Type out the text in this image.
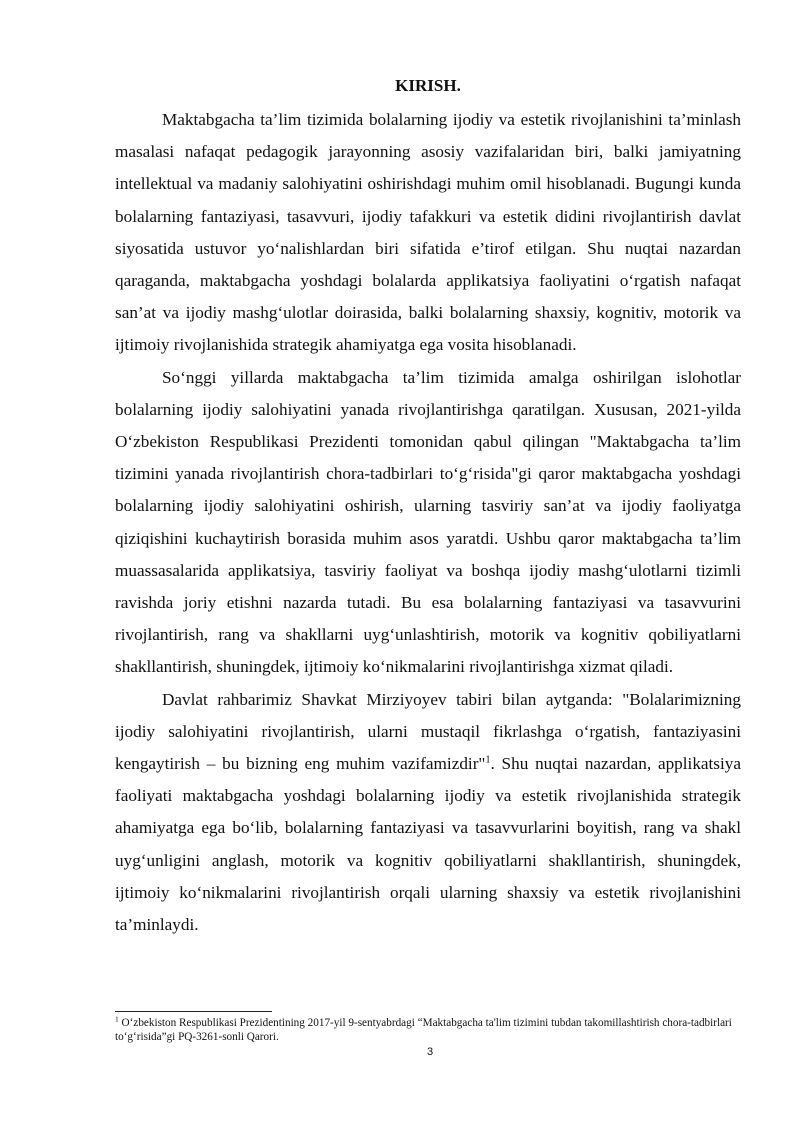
KIRISH.

Maktabgacha ta’lim tizimida bolalarning ijodiy va estetik rivojlanishini ta’minlash masalasi nafaqat pedagogik jarayonning asosiy vazifalaridan biri, balki jamiyatning intellektual va madaniy salohiyatini oshirishdagi muhim omil hisoblanadi. Bugungi kunda bolalarning fantaziyasi, tasavvuri, ijodiy tafakkuri va estetik didini rivojlantirish davlat siyosatida ustuvor yo‘nalishlardan biri sifatida e’tirof etilgan. Shu nuqtai nazardan qaraganda, maktabgacha yoshdagi bolalarda applikatsiya faoliyatini o‘rgatish nafaqat san’at va ijodiy mashg‘ulotlar doirasida, balki bolalarning shaxsiy, kognitiv, motorik va ijtimoiy rivojlanishida strategik ahamiyatga ega vosita hisoblanadi.

So‘nggi yillarda maktabgacha ta’lim tizimida amalga oshirilgan islohotlar bolalarning ijodiy salohiyatini yanada rivojlantirishga qaratilgan. Xususan, 2021-yilda O‘zbekiston Respublikasi Prezidenti tomonidan qabul qilingan "Maktabgacha ta’lim tizimini yanada rivojlantirish chora-tadbirlari to‘g‘risida"gi qaror maktabgacha yoshdagi bolalarning ijodiy salohiyatini oshirish, ularning tasviriy san’at va ijodiy faoliyatga qiziqishini kuchaytirish borasida muhim asos yaratdi. Ushbu qaror maktabgacha ta’lim muassasalarida applikatsiya, tasviriy faoliyat va boshqa ijodiy mashg‘ulotlarni tizimli ravishda joriy etishni nazarda tutadi. Bu esa bolalarning fantaziyasi va tasavvurini rivojlantirish, rang va shakllarni uyg‘unlashtirish, motorik va kognitiv qobiliyatlarni shakllantirish, shuningdek, ijtimoiy ko‘nikmalarini rivojlantirishga xizmat qiladi.

Davlat rahbarimiz Shavkat Mirziyoyev tabiri bilan aytganda: "Bolalarimizning ijodiy salohiyatini rivojlantirish, ularni mustaqil fikrlashga o‘rgatish, fantaziyasini kengaytirish – bu bizning eng muhim vazifamizdir"$^1$. Shu nuqtai nazardan, applikatsiya faoliyati maktabgacha yoshdagi bolalarning ijodiy va estetik rivojlanishida strategik ahamiyatga ega bo‘lib, bolalarning fantaziyasi va tasavvurlarini boyitish, rang va shakl uyg‘unligini anglash, motorik va kognitiv qobiliyatlarni shakllantirish, shuningdek, ijtimoiy ko‘nikmalarini rivojlantirish orqali ularning shaxsiy va estetik rivojlanishini ta’minlaydi.

$^1$ O‘zbekiston Respublikasi Prezidentining 2017-yil 9-sentyabrdagi “Maktabgacha ta'lim tizimini tubdan takomillashtirish chora-tadbirlari to‘g‘risida”gi PQ-3261-sonli Qarori.

3
